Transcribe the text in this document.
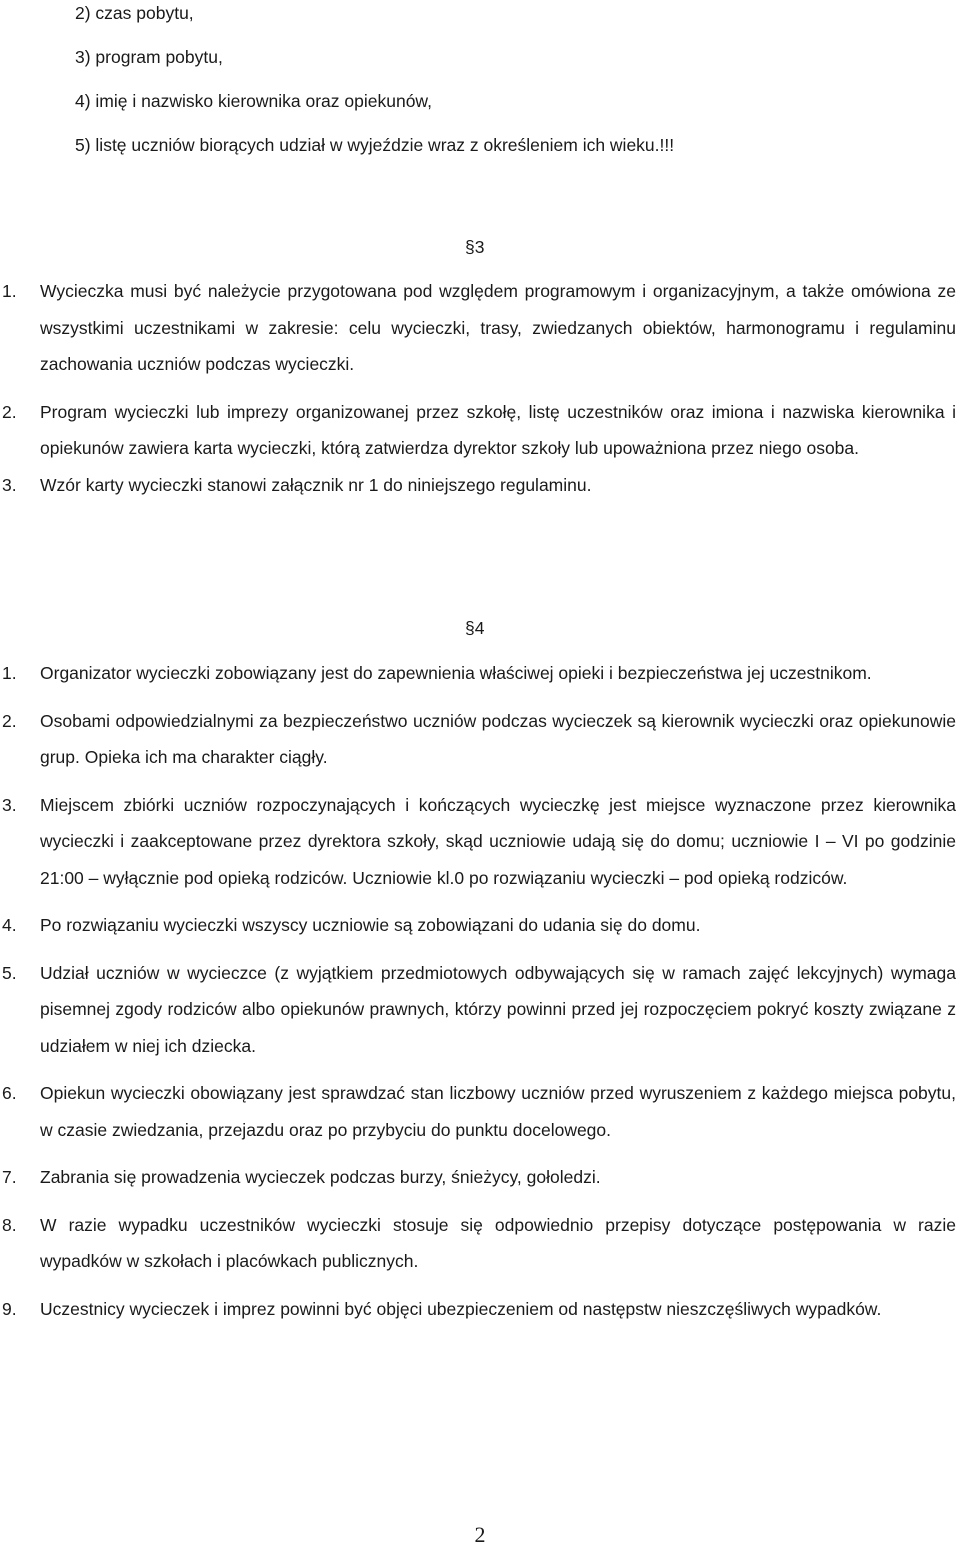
2) czas pobytu,
3) program pobytu,
4) imię i nazwisko kierownika oraz opiekunów,
5) listę uczniów biorących udział w wyjeździe wraz z określeniem ich wieku.!!!
§3
1. Wycieczka musi być należycie przygotowana pod względem programowym i organizacyjnym, a także omówiona ze wszystkimi uczestnikami w zakresie: celu wycieczki, trasy, zwiedzanych obiektów, harmonogramu i regulaminu zachowania uczniów podczas wycieczki.
2. Program wycieczki lub imprezy organizowanej przez szkołę, listę uczestników oraz imiona i nazwiska kierownika i opiekunów zawiera karta wycieczki, którą zatwierdza dyrektor szkoły lub upoważniona przez niego osoba.
3. Wzór karty wycieczki stanowi załącznik nr 1 do niniejszego regulaminu.
§4
1. Organizator wycieczki zobowiązany jest do zapewnienia właściwej opieki i bezpieczeństwa jej uczestnikom.
2. Osobami odpowiedzialnymi za bezpieczeństwo uczniów podczas wycieczek są kierownik wycieczki oraz opiekunowie grup. Opieka ich ma charakter ciągły.
3. Miejscem zbiórki uczniów rozpoczynających i kończących wycieczkę jest miejsce wyznaczone przez kierownika wycieczki i zaakceptowane przez dyrektora szkoły, skąd uczniowie udają się do domu; uczniowie I – VI po godzinie 21:00 – wyłącznie pod opieką rodziców. Uczniowie kl.0 po rozwiązaniu wycieczki – pod opieką rodziców.
4. Po rozwiązaniu wycieczki wszyscy uczniowie są zobowiązani do udania się do domu.
5. Udział uczniów w wycieczce (z wyjątkiem przedmiotowych odbywających się w ramach zajęć lekcyjnych) wymaga pisemnej zgody rodziców albo opiekunów prawnych, którzy powinni przed jej rozpoczęciem pokryć koszty związane z udziałem w niej ich dziecka.
6. Opiekun wycieczki obowiązany jest sprawdzać stan liczbowy uczniów przed wyruszeniem z każdego miejsca pobytu, w czasie zwiedzania, przejazdu oraz po przybyciu do punktu docelowego.
7. Zabrania się prowadzenia wycieczek podczas burzy, śnieżycy, gołoledzi.
8. W razie wypadku uczestników wycieczki stosuje się odpowiednio przepisy dotyczące postępowania w razie wypadków w szkołach i placówkach publicznych.
9. Uczestnicy wycieczek i imprez powinni być objęci ubezpieczeniem od następstw nieszczęśliwych wypadków.
2
